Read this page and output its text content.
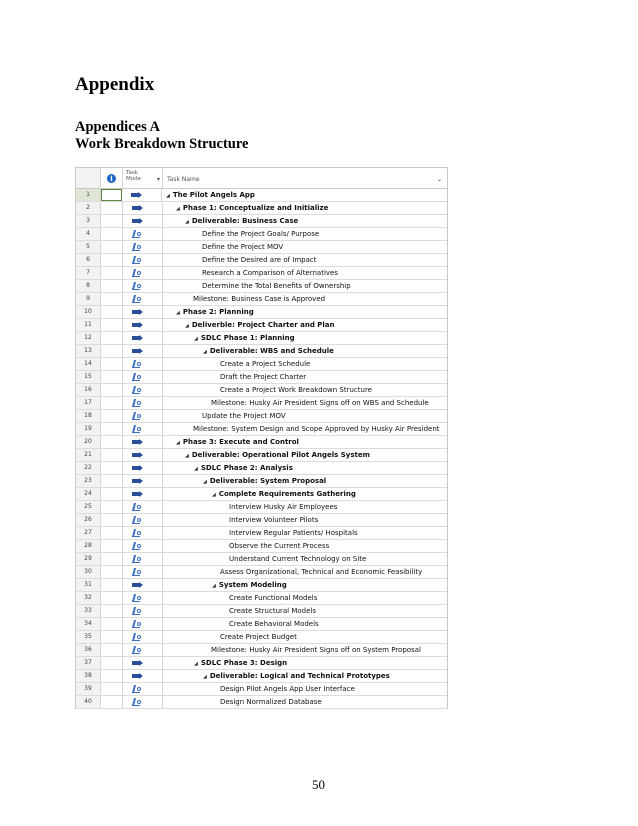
Appendix
Appendices A
Work Breakdown Structure
i
Task
Mode	▾	Task Name	⌄
1	◢ The Pilot Angels App
2	◢ Phase 1: Conceptualize and Initialize
3	◢ Deliverable: Business Case
4	Define the Project Goals/ Purpose
5	Define the Project MOV
6	Define the Desired are of Impact
7	Research a Comparison of Alternatives
8	Determine the Total Benefits of Ownership
9	Milestone: Business Case is Approved
10	◢ Phase 2: Planning
11	◢ Deliverble: Project Charter and Plan
12	◢ SDLC Phase 1: Planning
13	◢ Deliverable: WBS and Schedule
14	Create a Project Schedule
15	Draft the Project Charter
16	Create a Project Work Breakdown Structure
17	Milestone: Husky Air President Signs off on WBS and Schedule
18	Update the Project MOV
19	Milestone: System Design and Scope Approved by Husky Air President
20	◢ Phase 3: Execute and Control
21	◢ Deliverable: Operational Pilot Angels System
22	◢ SDLC Phase 2: Analysis
23	◢ Deliverable: System Proposal
24	◢ Complete Requirements Gathering
25	Interview Husky Air Employees
26	Interview Volunteer Pilots
27	Interview Regular Patients/ Hospitals
28	Observe the Current Process
29	Understand Current Technology on Site
30	Assess Organizational, Technical and Economic Feasibility
31	◢ System Modeling
32	Create Functional Models
33	Create Structural Models
34	Create Behavioral Models
35	Create Project Budget
36	Milestone: Husky Air President Signs off on System Proposal
37	◢ SDLC Phase 3: Design
38	◢ Deliverable: Logical and Technical Prototypes
39	Design Pilot Angels App User Interface
40	Design Normalized Database
50
